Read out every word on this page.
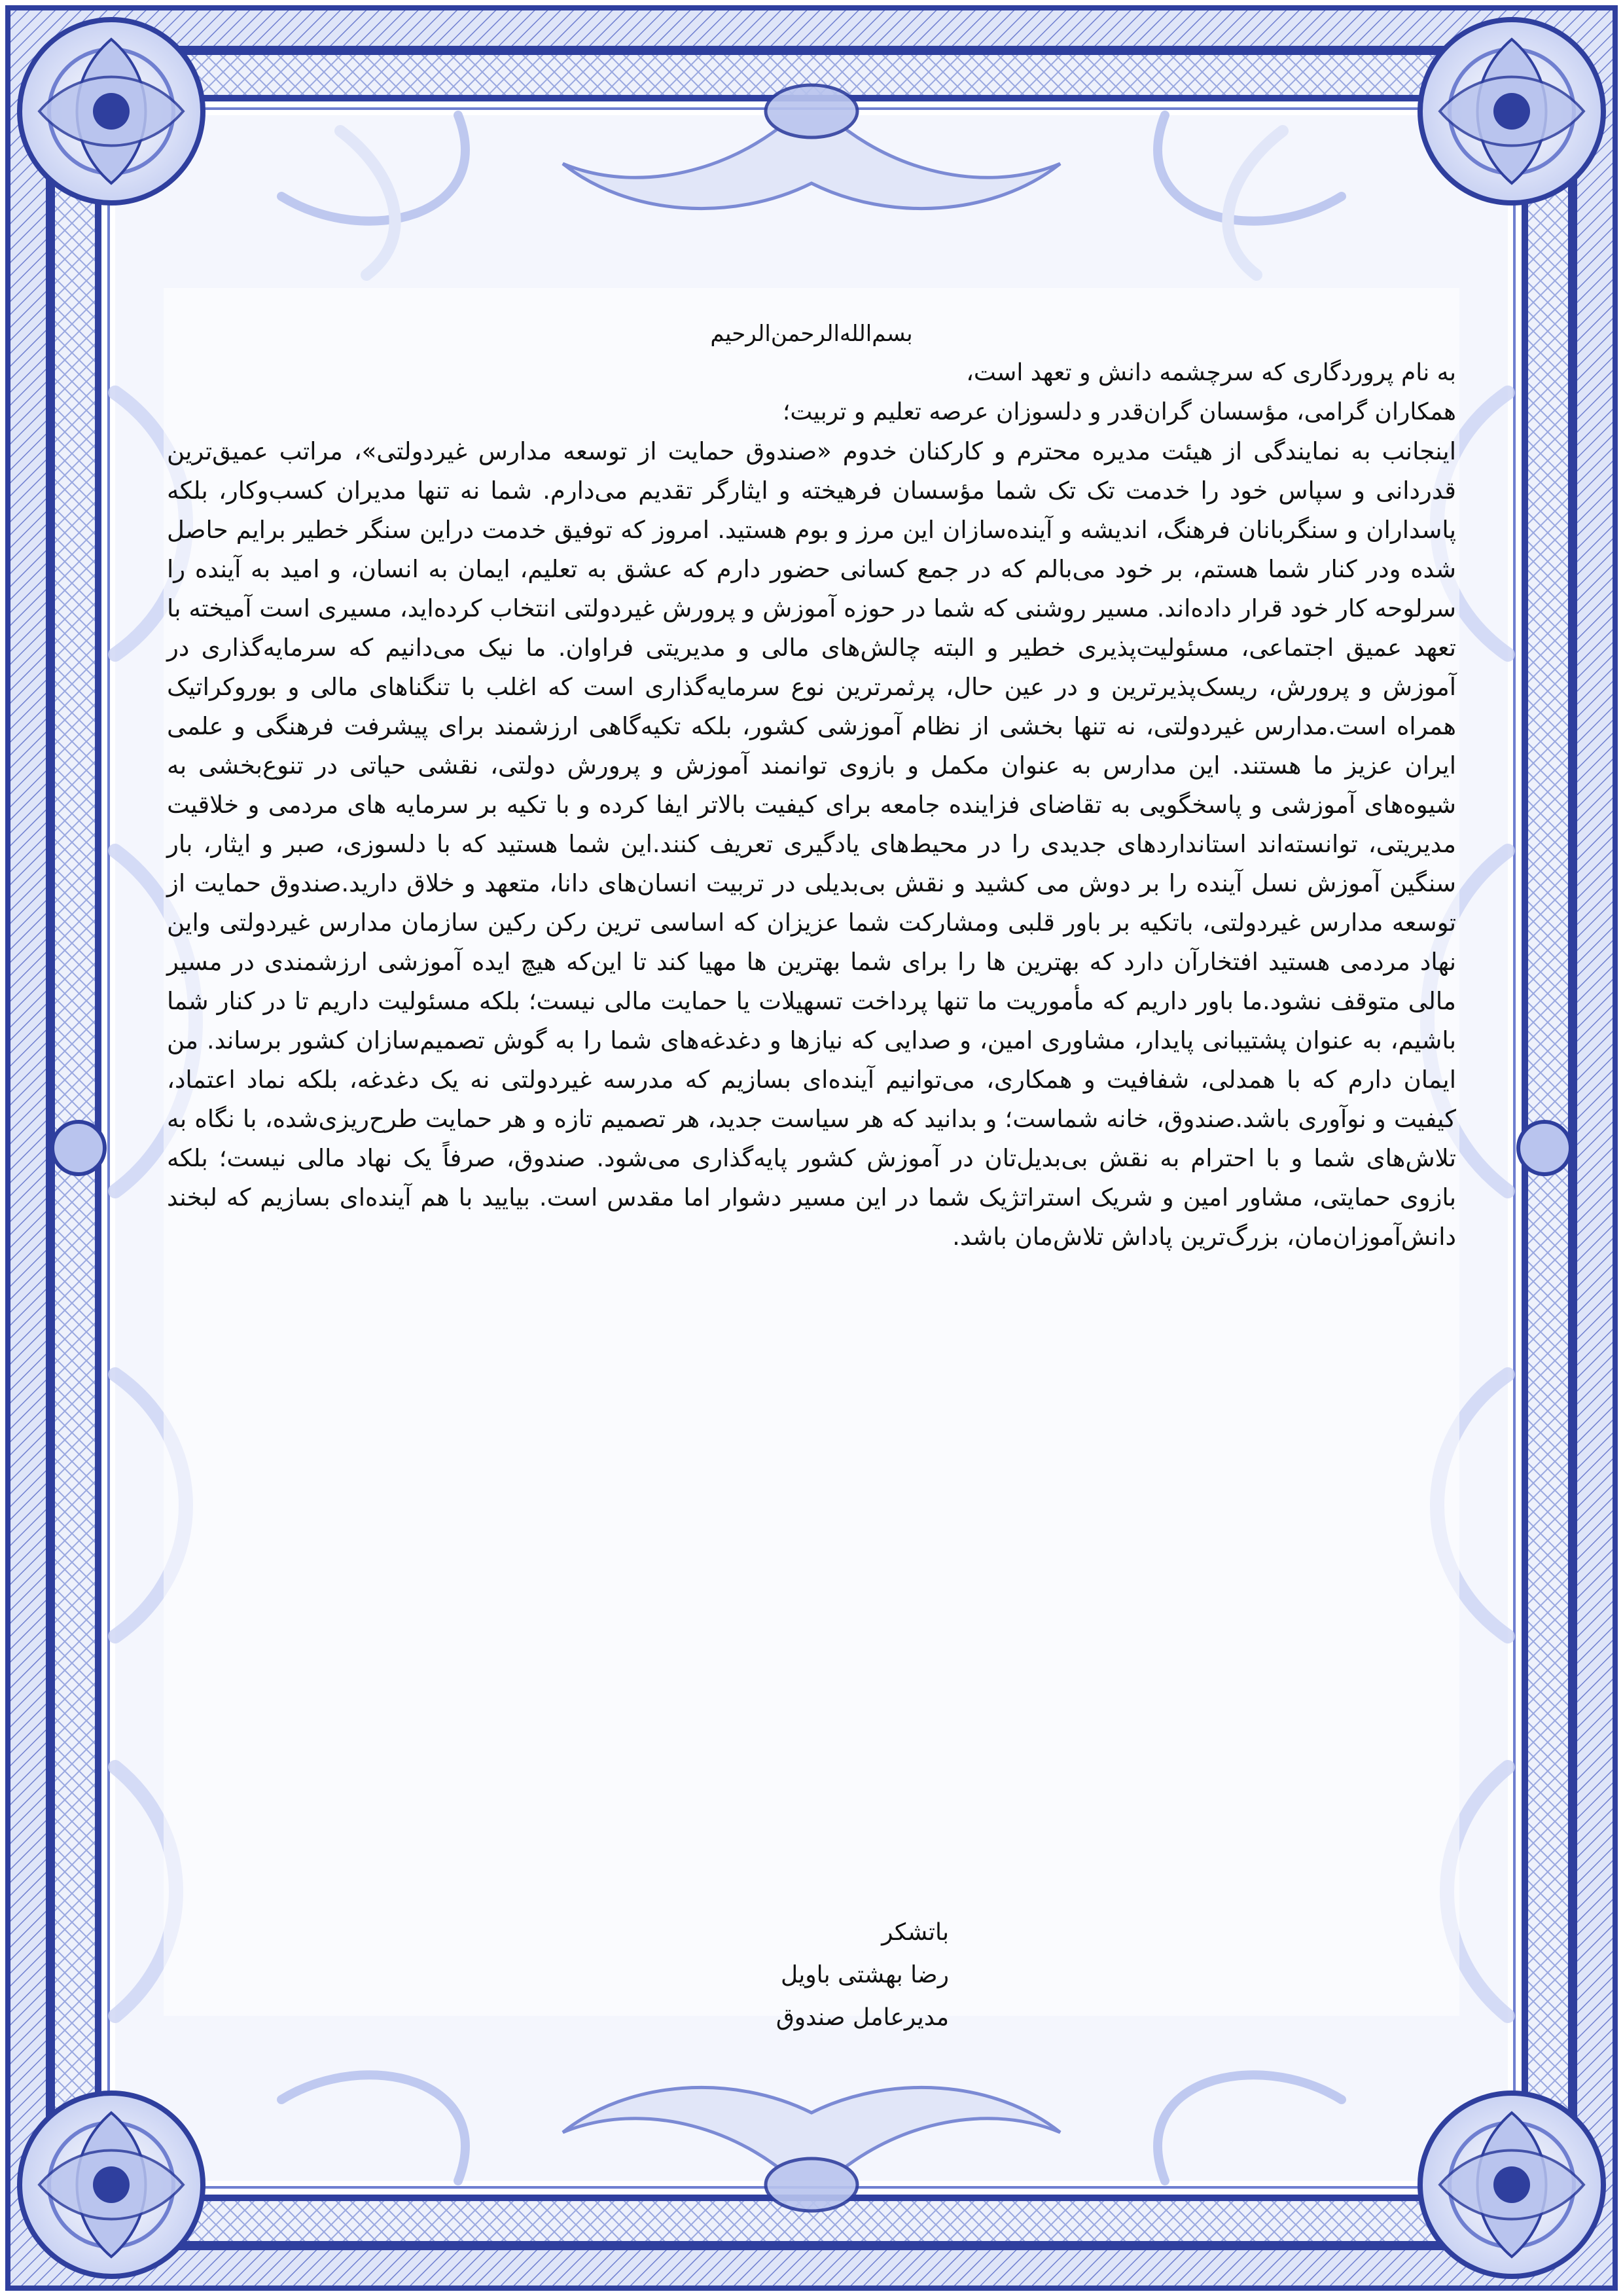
بسم‌الله‌الرحمن‌الرحیم
به نام پروردگاری که سرچشمه دانش و تعهد است،
همکاران گرامی، مؤسسان گران‌قدر و دلسوزان عرصه تعلیم و تربیت؛
اینجانب به نمایندگی از هیئت مدیره محترم و کارکنان خدوم «صندوق حمایت از توسعه مدارس غیردولتی»، مراتب عمیق‌ترین قدردانی و سپاس خود را خدمت تک تک شما مؤسسان فرهیخته و ایثارگر تقدیم می‌دارم. شما نه تنها مدیران کسب‌وکار، بلکه پاسداران و سنگربانان فرهنگ، اندیشه و آینده‌سازان این مرز و بوم هستید. امروز که توفیق خدمت دراین سنگر خطیر برایم حاصل شده ودر کنار شما هستم، بر خود می‌بالم که در جمع کسانی حضور دارم که عشق به تعلیم، ایمان به انسان، و امید به آینده را سرلوحه کار خود قرار داده‌اند. مسیر روشنی که شما در حوزه آموزش و پرورش غیردولتی انتخاب کرده‌اید، مسیری است آمیخته با تعهد عمیق اجتماعی، مسئولیت‌پذیری خطیر و البته چالش‌های مالی و مدیریتی فراوان. ما نیک می‌دانیم که سرمایه‌گذاری در آموزش و پرورش، ریسک‌پذیرترین و در عین حال، پرثمرترین نوع سرمایه‌گذاری است که اغلب با تنگناهای مالی و بوروکراتیک همراه است.مدارس غیردولتی، نه تنها بخشی از نظام آموزشی کشور، بلکه تکیه‌گاهی ارزشمند برای پیشرفت فرهنگی و علمی ایران عزیز ما هستند. این مدارس به عنوان مکمل و بازوی توانمند آموزش و پرورش دولتی، نقشی حیاتی در تنوع‌بخشی به شیوه‌های آموزشی و پاسخگویی به تقاضای فزاینده جامعه برای کیفیت بالاتر ایفا کرده و با تکیه بر سرمایه های مردمی و خلاقیت مدیریتی، توانسته‌اند استانداردهای جدیدی را در محیط‌های یادگیری تعریف کنند.این شما هستید که با دلسوزی، صبر و ایثار، بار سنگین آموزش نسل آینده را بر دوش می کشید و نقش بی‌بدیلی در تربیت انسان‌های دانا، متعهد و خلاق دارید.صندوق حمایت از توسعه مدارس غیردولتی، باتکیه بر باور قلبی ومشارکت شما عزیزان که اساسی ترین رکن رکین سازمان مدارس غیردولتی واین نهاد مردمی هستید افتخارآن دارد که بهترین ها را برای شما بهترین ها مهیا کند تا این‌که هیچ ایده آموزشی ارزشمندی در مسیر مالی متوقف نشود.ما باور داریم که مأموریت ما تنها پرداخت تسهیلات یا حمایت مالی نیست؛ بلکه مسئولیت داریم تا در کنار شما باشیم، به عنوان پشتیبانی پایدار، مشاوری امین، و صدایی که نیازها و دغدغه‌های شما را به گوش تصمیم‌سازان کشور برساند. من ایمان دارم که با همدلی، شفافیت و همکاری، می‌توانیم آینده‌ای بسازیم که مدرسه غیردولتی نه یک دغدغه، بلکه نماد اعتماد، کیفیت و نوآوری باشد.صندوق، خانه شماست؛ و بدانید که هر سیاست جدید، هر تصمیم تازه و هر حمایت طرح‌ریزی‌شده، با نگاه به تلاش‌های شما و با احترام به نقش بی‌بدیل‌تان در آموزش کشور پایه‌گذاری می‌شود. صندوق، صرفاً یک نهاد مالی نیست؛ بلکه بازوی حمایتی، مشاور امین و شریک استراتژیک شما در این مسیر دشوار اما مقدس است. بیایید با هم آینده‌ای بسازیم که لبخند دانش‌آموزان‌مان، بزرگ‌ترین پاداش تلاش‌مان باشد.
باتشکر
رضا بهشتی باویل
مدیرعامل صندوق
